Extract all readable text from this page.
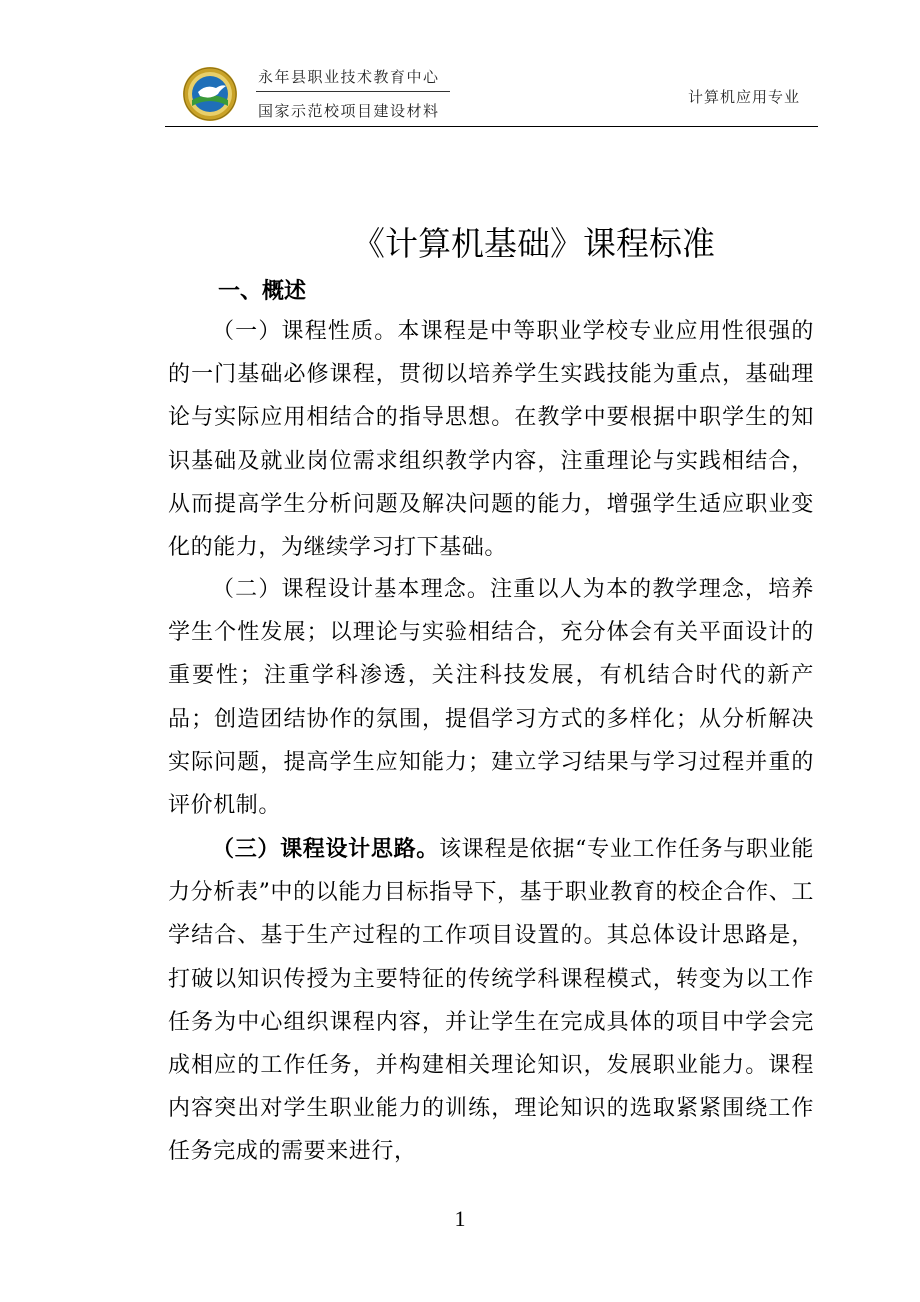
永年县职业技术教育中心
国家示范校项目建设材料
计算机应用专业
《计算机基础》课程标准
一、概述

（一）课程性质。本课程是中等职业学校专业应用性很强的的一门基础必修课程，贯彻以培养学生实践技能为重点，基础理论与实际应用相结合的指导思想。在教学中要根据中职学生的知识基础及就业岗位需求组织教学内容，注重理论与实践相结合，从而提高学生分析问题及解决问题的能力，增强学生适应职业变化的能力，为继续学习打下基础。

（二）课程设计基本理念。注重以人为本的教学理念，培养学生个性发展；以理论与实验相结合，充分体会有关平面设计的重要性；注重学科渗透，关注科技发展，有机结合时代的新产品；创造团结协作的氛围，提倡学习方式的多样化；从分析解决实际问题，提高学生应知能力；建立学习结果与学习过程并重的评价机制。

（三）课程设计思路。该课程是依据“专业工作任务与职业能力分析表”中的以能力目标指导下，基于职业教育的校企合作、工学结合、基于生产过程的工作项目设置的。其总体设计思路是，打破以知识传授为主要特征的传统学科课程模式，转变为以工作任务为中心组织课程内容，并让学生在完成具体的项目中学会完成相应的工作任务，并构建相关理论知识，发展职业能力。课程内容突出对学生职业能力的训练，理论知识的选取紧紧围绕工作任务完成的需要来进行，

1
